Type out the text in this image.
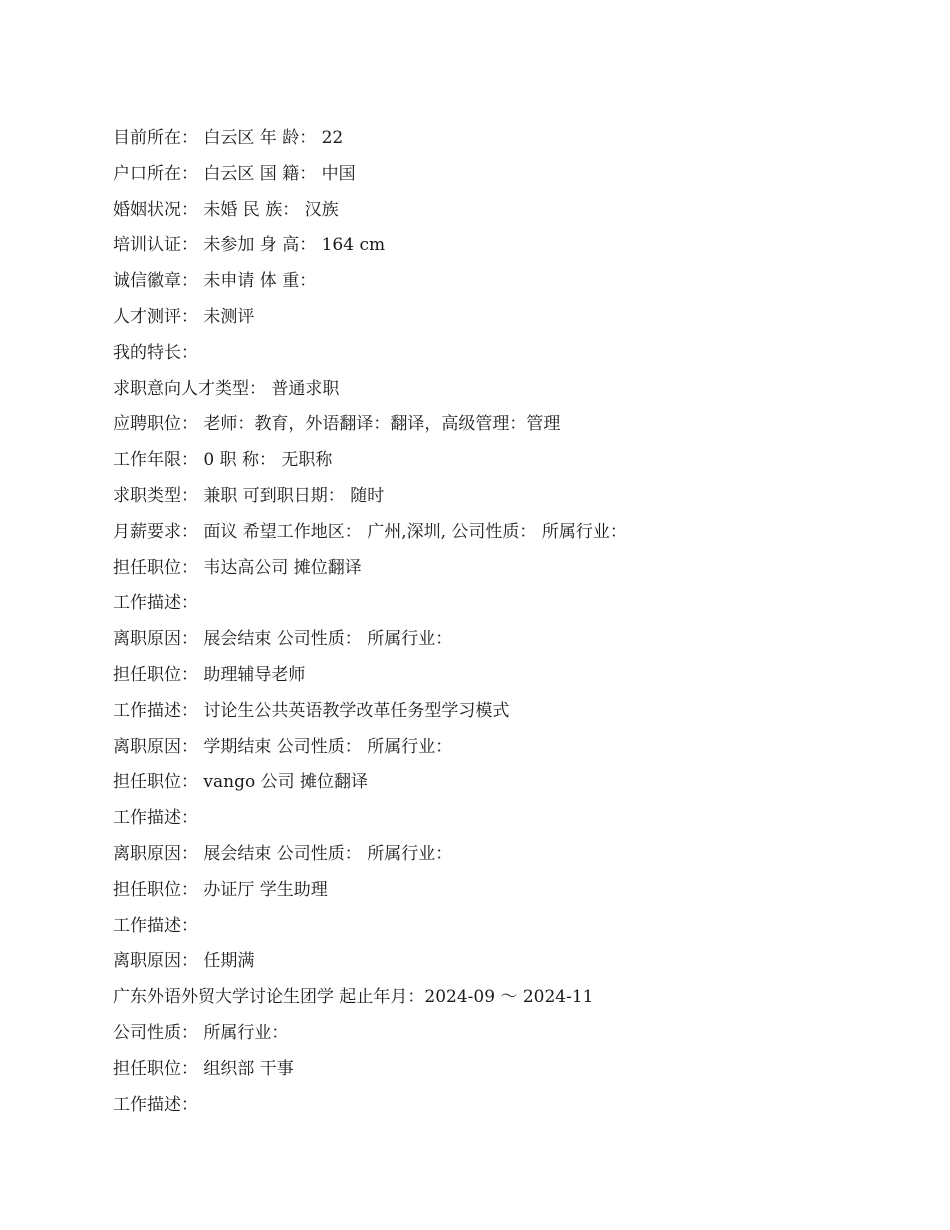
目前所在： 白云区 年 龄： 22
户口所在： 白云区 国 籍： 中国
婚姻状况： 未婚 民 族： 汉族
培训认证： 未参加 身 高： 164 cm
诚信徽章： 未申请 体 重：
人才测评： 未测评
我的特长：
求职意向人才类型： 普通求职
应聘职位： 老师：教育，外语翻译：翻译，高级管理：管理
工作年限： 0 职 称： 无职称
求职类型： 兼职 可到职日期： 随时
月薪要求： 面议 希望工作地区： 广州,深圳, 公司性质： 所属行业：
担任职位： 韦达高公司 摊位翻译
工作描述：
离职原因： 展会结束 公司性质： 所属行业：
担任职位： 助理辅导老师
工作描述： 讨论生公共英语教学改革任务型学习模式
离职原因： 学期结束 公司性质： 所属行业：
担任职位： vango 公司 摊位翻译
工作描述：
离职原因： 展会结束 公司性质： 所属行业：
担任职位： 办证厅 学生助理
工作描述：
离职原因： 任期满
广东外语外贸大学讨论生团学 起止年月：2024-09 ～ 2024-11
公司性质： 所属行业：
担任职位： 组织部 干事
工作描述：
